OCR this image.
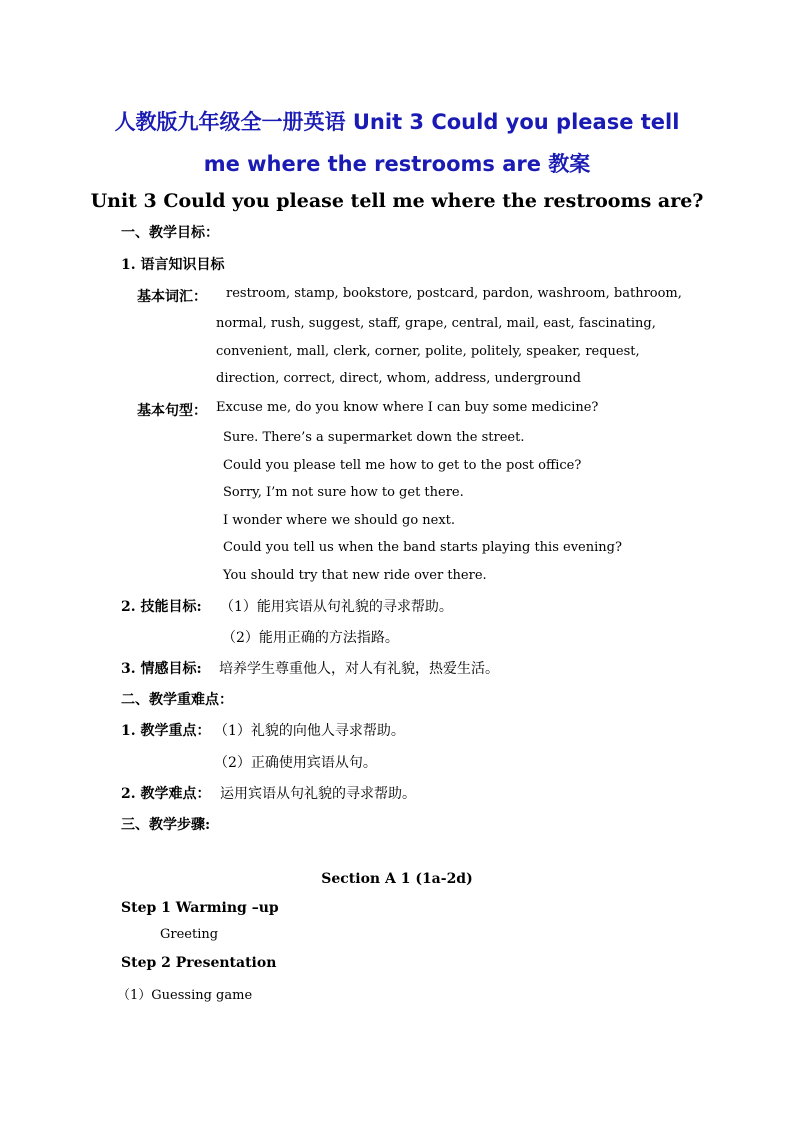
人教版九年级全一册英语 Unit 3 Could you please tell
me where the restrooms are 教案
Unit 3 Could you please tell me where the restrooms are?
一、教学目标：
1. 语言知识目标
基本词汇： restroom, stamp, bookstore, postcard, pardon, washroom, bathroom,
normal, rush, suggest, staff, grape, central, mail, east, fascinating,
convenient, mall, clerk, corner, polite, politely, speaker, request,
direction, correct, direct, whom, address, underground
基本句型： Excuse me, do you know where I can buy some medicine?
Sure. There’s a supermarket down the street.
Could you please tell me how to get to the post office?
Sorry, I’m not sure how to get there.
I wonder where we should go next.
Could you tell us when the band starts playing this evening?
You should try that new ride over there.
2. 技能目标: （1）能用宾语从句礼貌的寻求帮助。
（2）能用正确的方法指路。
3. 情感目标: 培养学生尊重他人，对人有礼貌，热爱生活。
二、教学重难点：
1. 教学重点： （1）礼貌的向他人寻求帮助。
（2）正确使用宾语从句。
2. 教学难点： 运用宾语从句礼貌的寻求帮助。
三、教学步骤:
Section A 1 (1a-2d)
Step 1 Warming –up
Greeting
Step 2 Presentation
（1）Guessing game
